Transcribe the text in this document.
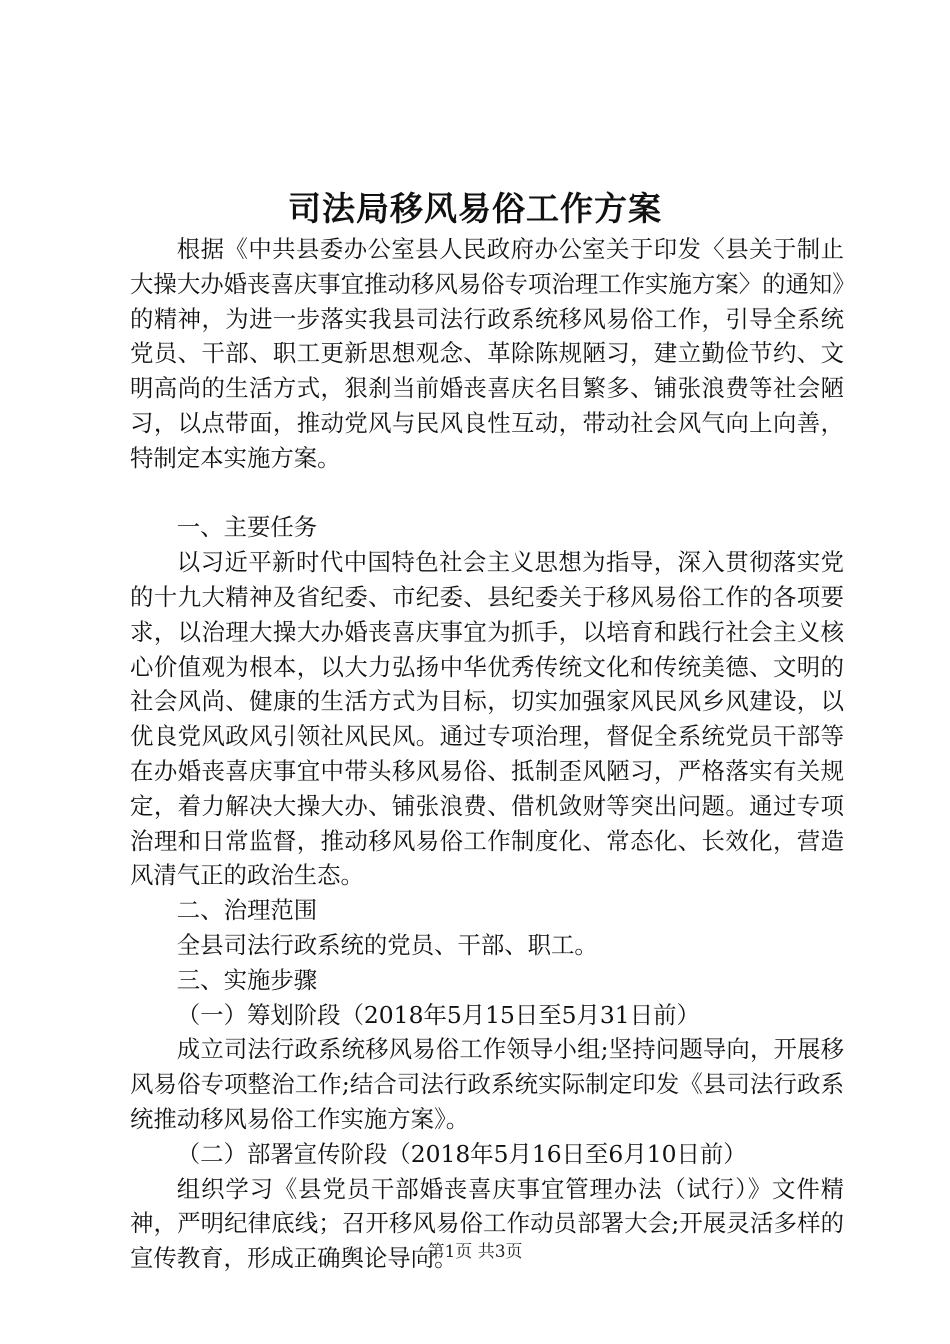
司法局移风易俗工作方案

根据《中共县委办公室县人民政府办公室关于印发〈县关于制止大操大办婚丧喜庆事宜推动移风易俗专项治理工作实施方案〉的通知》的精神，为进一步落实我县司法行政系统移风易俗工作，引导全系统党员、干部、职工更新思想观念、革除陈规陋习，建立勤俭节约、文明高尚的生活方式，狠刹当前婚丧喜庆名目繁多、铺张浪费等社会陋习，以点带面，推动党风与民风良性互动，带动社会风气向上向善，特制定本实施方案。

一、主要任务

以习近平新时代中国特色社会主义思想为指导，深入贯彻落实党的十九大精神及省纪委、市纪委、县纪委关于移风易俗工作的各项要求，以治理大操大办婚丧喜庆事宜为抓手，以培育和践行社会主义核心价值观为根本，以大力弘扬中华优秀传统文化和传统美德、文明的社会风尚、健康的生活方式为目标，切实加强家风民风乡风建设，以优良党风政风引领社风民风。通过专项治理，督促全系统党员干部等在办婚丧喜庆事宜中带头移风易俗、抵制歪风陋习，严格落实有关规定，着力解决大操大办、铺张浪费、借机敛财等突出问题。通过专项治理和日常监督，推动移风易俗工作制度化、常态化、长效化，营造风清气正的政治生态。

二、治理范围

全县司法行政系统的党员、干部、职工。

三、实施步骤

（一）筹划阶段（2018年5月15日至5月31日前）

成立司法行政系统移风易俗工作领导小组;坚持问题导向，开展移风易俗专项整治工作;结合司法行政系统实际制定印发《县司法行政系统推动移风易俗工作实施方案》。

（二）部署宣传阶段（2018年5月16日至6月10日前）

组织学习《县党员干部婚丧喜庆事宜管理办法（试行）》文件精神，严明纪律底线；召开移风易俗工作动员部署大会;开展灵活多样的宣传教育，形成正确舆论导向。

第1页 共3页
